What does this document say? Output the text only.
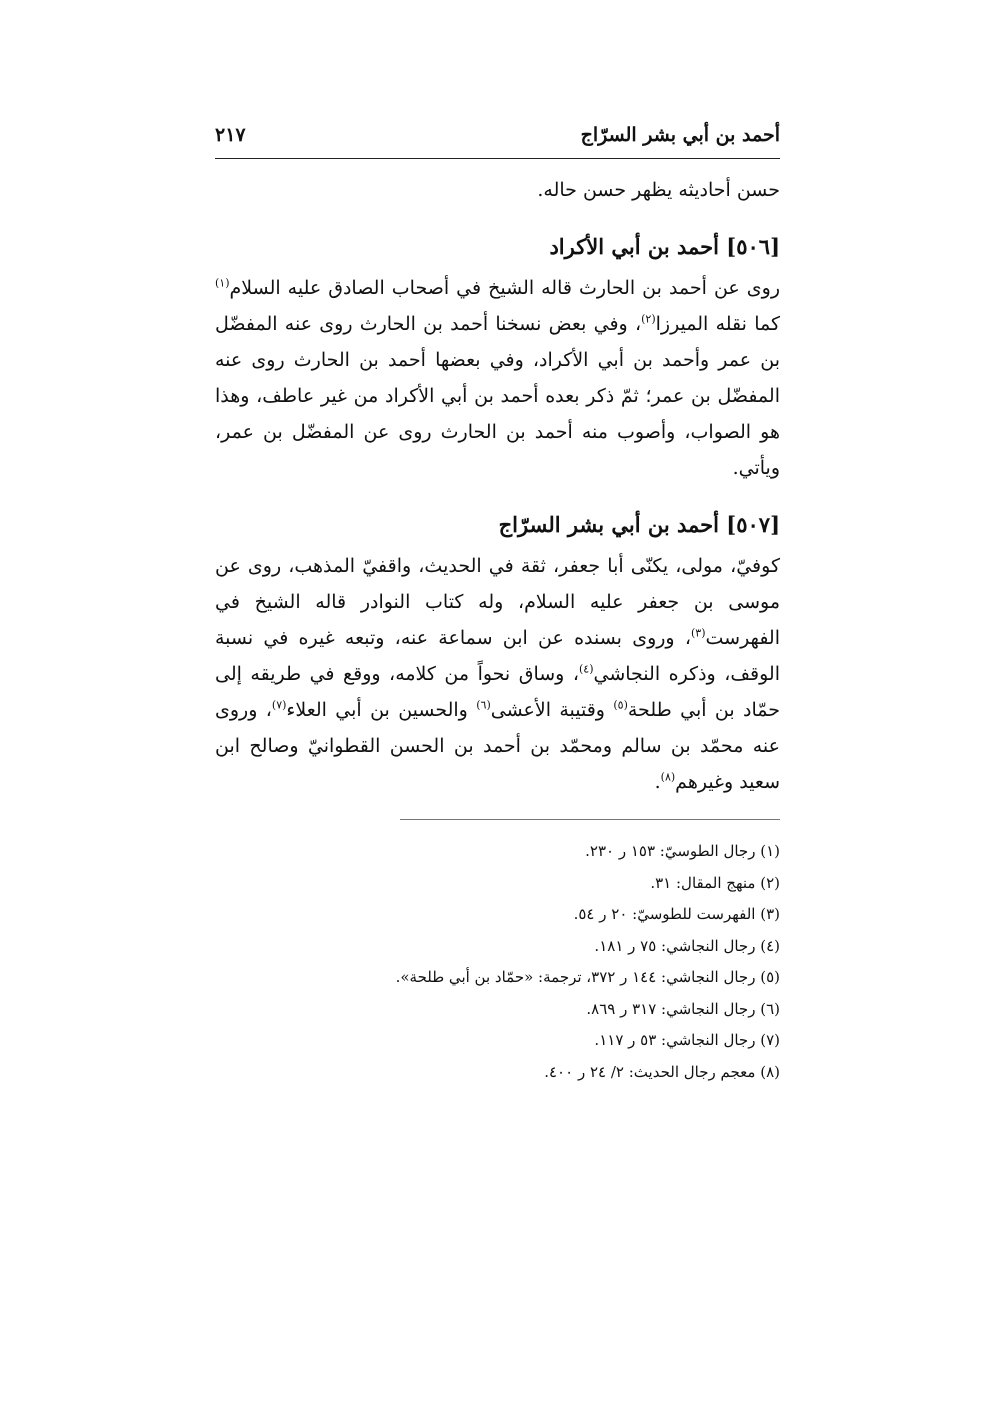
أحمد بن أبي بشر السرّاج
٢١٧

حسن أحاديثه يظهر حسن حاله.

[٥٠٦] أحمد بن أبي الأكراد

روى عن أحمد بن الحارث قاله الشيخ في أصحاب الصادق عليه السلام$^{(١)}$ كما نقله الميرزا$^{(٢)}$، وفي بعض نسخنا أحمد بن الحارث روى عنه المفضّل بن عمر وأحمد بن أبي الأكراد، وفي بعضها أحمد بن الحارث روى عنه المفضّل بن عمر؛ ثمّ ذكر بعده أحمد بن أبي الأكراد من غير عاطف، وهذا هو الصواب، وأصوب منه أحمد بن الحارث روى عن المفضّل بن عمر، ويأتي.

[٥٠٧] أحمد بن أبي بشر السرّاج

كوفيّ، مولى، يكنّى أبا جعفر، ثقة في الحديث، واقفيّ المذهب، روى عن موسى بن جعفر عليه السلام، وله كتاب النوادر قاله الشيخ في الفهرست$^{(٣)}$، وروى بسنده عن ابن سماعة عنه، وتبعه غيره في نسبة الوقف، وذكره النجاشي$^{(٤)}$، وساق نحواً من كلامه، ووقع في طريقه إلى حمّاد بن أبي طلحة$^{(٥)}$ وقتيبة الأعشى$^{(٦)}$ والحسين بن أبي العلاء$^{(٧)}$، وروى عنه محمّد بن سالم ومحمّد بن أحمد بن الحسن القطوانيّ وصالح ابن سعيد وغيرهم$^{(٨)}$.

(١) رجال الطوسيّ: ١٥٣ ر ٢٣٠.
(٢) منهج المقال: ٣١.
(٣) الفهرست للطوسيّ: ٢٠ ر ٥٤.
(٤) رجال النجاشي: ٧٥ ر ١٨١.
(٥) رجال النجاشي: ١٤٤ ر ٣٧٢، ترجمة: «حمّاد بن أبي طلحة».
(٦) رجال النجاشي: ٣١٧ ر ٨٦٩.
(٧) رجال النجاشي: ٥٣ ر ١١٧.
(٨) معجم رجال الحديث: ٢/ ٢٤ ر ٤٠٠.
